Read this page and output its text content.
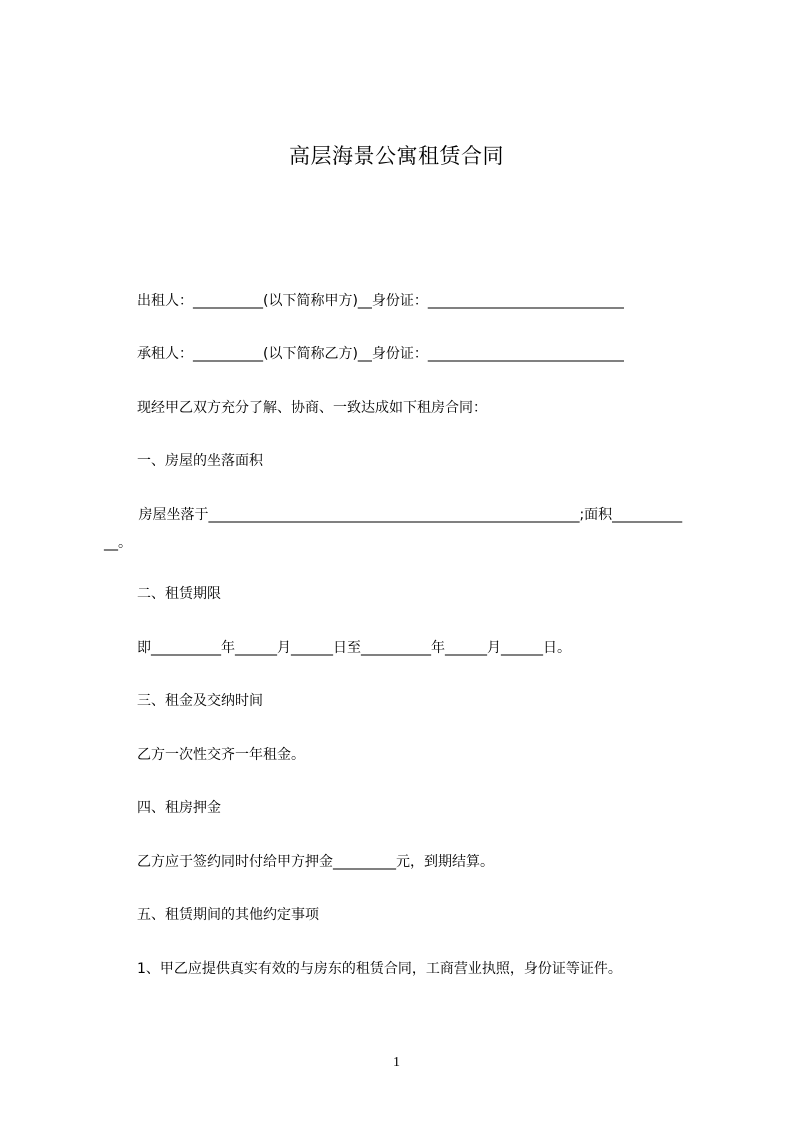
高层海景公寓租赁合同
出租人：__________(以下简称甲方)__身份证：____________________________
承租人：__________(以下简称乙方)__身份证：____________________________
现经甲乙双方充分了解、协商、一致达成如下租房合同：
一、房屋的坐落面积
房屋坐落于_____________________________________________________;面积__________
__。
二、租赁期限
即__________年______月______日至__________年______月______日。
三、租金及交纳时间
乙方一次性交齐一年租金。
四、租房押金
乙方应于签约同时付给甲方押金_________元，到期结算。
五、租赁期间的其他约定事项
1、甲乙应提供真实有效的与房东的租赁合同，工商营业执照，身份证等证件。
1
